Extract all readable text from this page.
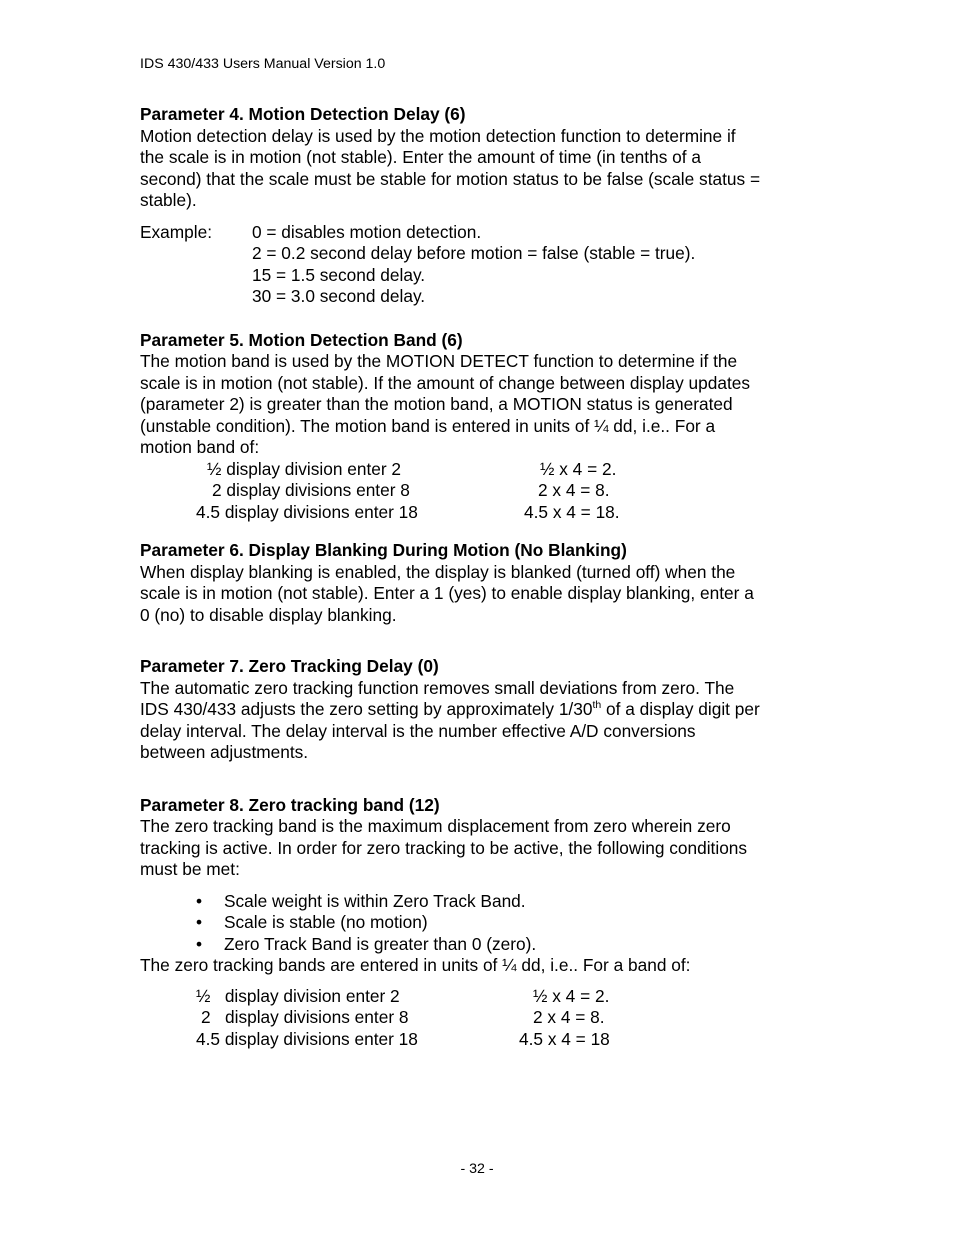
IDS 430/433 Users Manual Version 1.0
Parameter 4. Motion Detection Delay (6)
Motion detection delay is used by the motion detection function to determine if
the scale is in motion (not stable). Enter the amount of time (in tenths of a
second) that the scale must be stable for motion status to be false (scale status =
stable).
Example: 0 = disables motion detection.
2 = 0.2 second delay before motion = false (stable = true).
15 = 1.5 second delay.
30 = 3.0 second delay.
Parameter 5. Motion Detection Band (6)
The motion band is used by the MOTION DETECT function to determine if the
scale is in motion (not stable). If the amount of change between display updates
(parameter 2) is greater than the motion band, a MOTION status is generated
(unstable condition). The motion band is entered in units of ¼ dd, i.e.. For a
motion band of:
½ display division enter 2	½ x 4 = 2.
2 display divisions enter 8	2 x 4 = 8.
4.5 display divisions enter 18	4.5 x 4 = 18.
Parameter 6. Display Blanking During Motion (No Blanking)
When display blanking is enabled, the display is blanked (turned off) when the
scale is in motion (not stable). Enter a 1 (yes) to enable display blanking, enter a
0 (no) to disable display blanking.
Parameter 7. Zero Tracking Delay (0)
The automatic zero tracking function removes small deviations from zero. The
IDS 430/433 adjusts the zero setting by approximately 1/30th of a display digit per
delay interval. The delay interval is the number effective A/D conversions
between adjustments.
Parameter 8. Zero tracking band (12)
The zero tracking band is the maximum displacement from zero wherein zero
tracking is active. In order for zero tracking to be active, the following conditions
must be met:
• Scale weight is within Zero Track Band.
• Scale is stable (no motion)
• Zero Track Band is greater than 0 (zero).
The zero tracking bands are entered in units of ¼ dd, i.e.. For a band of:
½   display division enter 2	½ x 4 = 2.
2   display divisions enter 8	2 x 4 = 8.
4.5 display divisions enter 18	4.5 x 4 = 18
- 32 -
